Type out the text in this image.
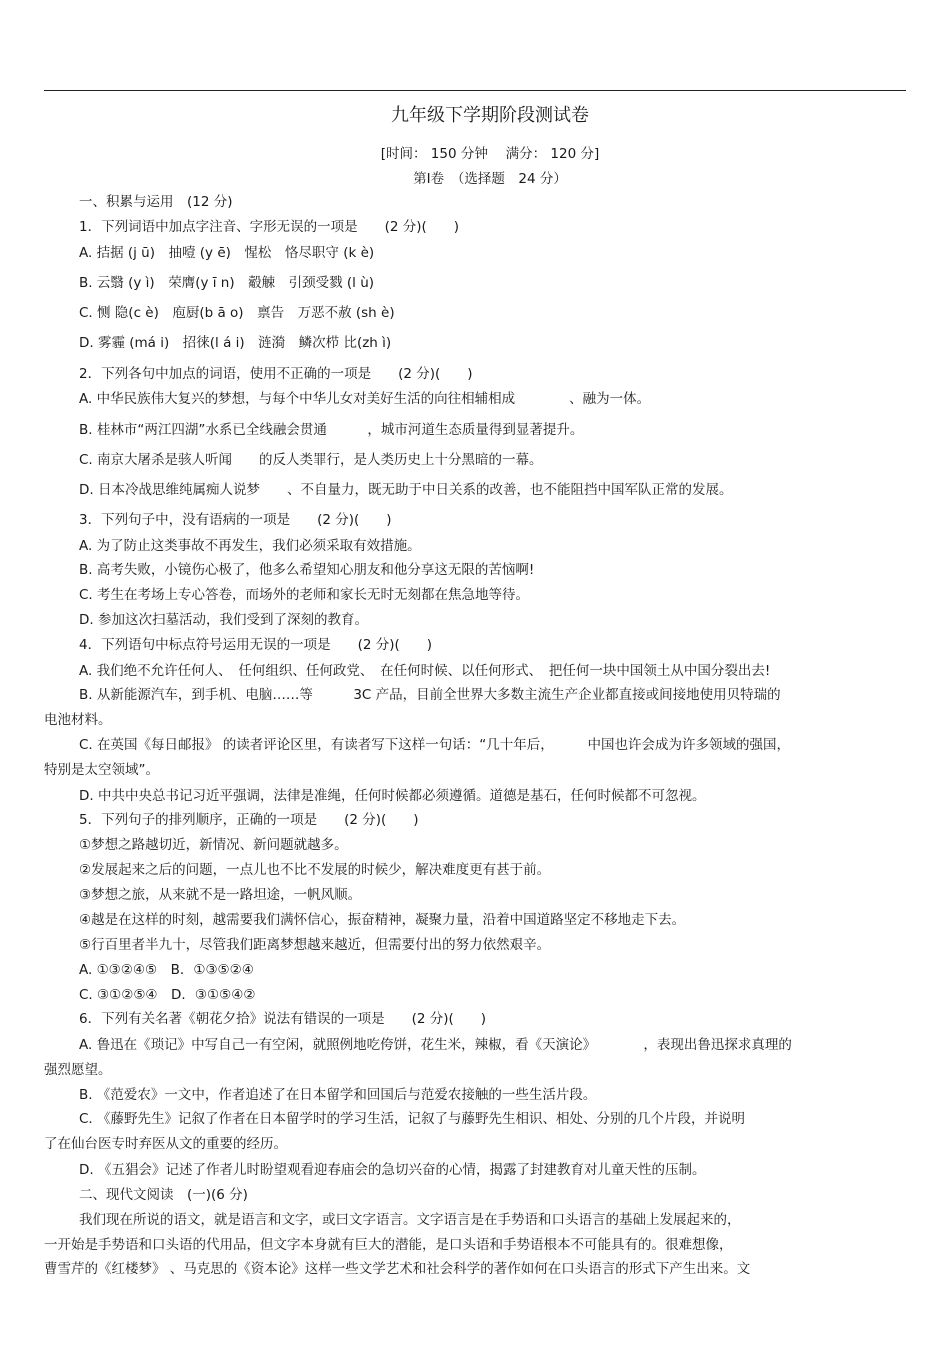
九年级下学期阶段测试卷
[时间： 150 分钟　 满分： 120 分]
第Ⅰ卷　（选择题　24 分）
一、积累与运用　(12 分)
1．下列词语中加点字注音、字形无误的一项是　　(2 分)(　　)
A. 拮据 (j ū)　抽噎 (y ē)　惺松　恪尽职守 (k è)
B. 云翳 (y ì)　荣膺(y ī n)　觳觫　引颈受戮 (l ù)
C. 恻 隐(c è)　庖厨(b ā o)　禀告　万恶不赦 (sh è)
D. 雾霾 (má i)　招徕(l á i)　涟漪　鳞次栉 比(zh ì)
2．下列各句中加点的词语，使用不正确的一项是　　(2 分)(　　)
A. 中华民族伟大复兴的梦想，与每个中华儿女对美好生活的向往相辅相成　　　　、融为一体。
B. 桂林市“两江四湖”水系已全线融会贯通　　　，城市河道生态质量得到显著提升。
C. 南京大屠杀是骇人听闻　　的反人类罪行，是人类历史上十分黑暗的一幕。
D. 日本冷战思维纯属痴人说梦　　、不自量力，既无助于中日关系的改善，也不能阻挡中国军队正常的发展。
3．下列句子中，没有语病的一项是　　(2 分)(　　)
A. 为了防止这类事故不再发生，我们必须采取有效措施。
B. 高考失败，小镜伤心极了，他多么希望知心朋友和他分享这无限的苦恼啊!
C. 考生在考场上专心答卷，而场外的老师和家长无时无刻都在焦急地等待。
D. 参加这次扫墓活动，我们受到了深刻的教育。
4．下列语句中标点符号运用无误的一项是　　(2 分)(　　)
A. 我们绝不允许任何人、　任何组织、任何政党、　在任何时候、以任何形式、　把任何一块中国领土从中国分裂出去!
B. 从新能源汽车，到手机、电脑……等　　　3C 产品，目前全世界大多数主流生产企业都直接或间接地使用贝特瑞的
电池材料。
C. 在英国《每日邮报》 的读者评论区里，有读者写下这样一句话：“几十年后，　　　中国也许会成为许多领域的强国，
特别是太空领域”。
D. 中共中央总书记习近平强调，法律是准绳，任何时候都必须遵循。道德是基石，任何时候都不可忽视。
5．下列句子的排列顺序，正确的一项是　　(2 分)(　　)
①梦想之路越切近，新情况、新问题就越多。
②发展起来之后的问题，一点儿也不比不发展的时候少，解决难度更有甚于前。
③梦想之旅，从来就不是一路坦途，一帆风顺。
④越是在这样的时刻，越需要我们满怀信心，振奋精神，凝聚力量，沿着中国道路坚定不移地走下去。
⑤行百里者半九十，尽管我们距离梦想越来越近，但需要付出的努力依然艰辛。
A. ①③②④⑤　B．①③⑤②④
C. ③①②⑤④　D．③①⑤④②
6．下列有关名著《朝花夕拾》说法有错误的一项是　　(2 分)(　　)
A. 鲁迅在《琐记》中写自己一有空闲，就照例地吃侉饼，花生米，辣椒，看《天演论》　　　　，表现出鲁迅探求真理的
强烈愿望。
B. 《范爱农》一文中，作者追述了在日本留学和回国后与范爱农接触的一些生活片段。
C. 《藤野先生》记叙了作者在日本留学时的学习生活，记叙了与藤野先生相识、相处、分别的几个片段，并说明
了在仙台医专时弃医从文的重要的经历。
D. 《五猖会》记述了作者儿时盼望观看迎春庙会的急切兴奋的心情，揭露了封建教育对儿童天性的压制。
二、现代文阅读　(一)(6 分)
我们现在所说的语文，就是语言和文字，或曰文字语言。文字语言是在手势语和口头语言的基础上发展起来的，
一开始是手势语和口头语的代用品，但文字本身就有巨大的潜能，是口头语和手势语根本不可能具有的。很难想像，
曹雪芹的《红楼梦》 、马克思的《资本论》这样一些文学艺术和社会科学的著作如何在口头语言的形式下产生出来。文
